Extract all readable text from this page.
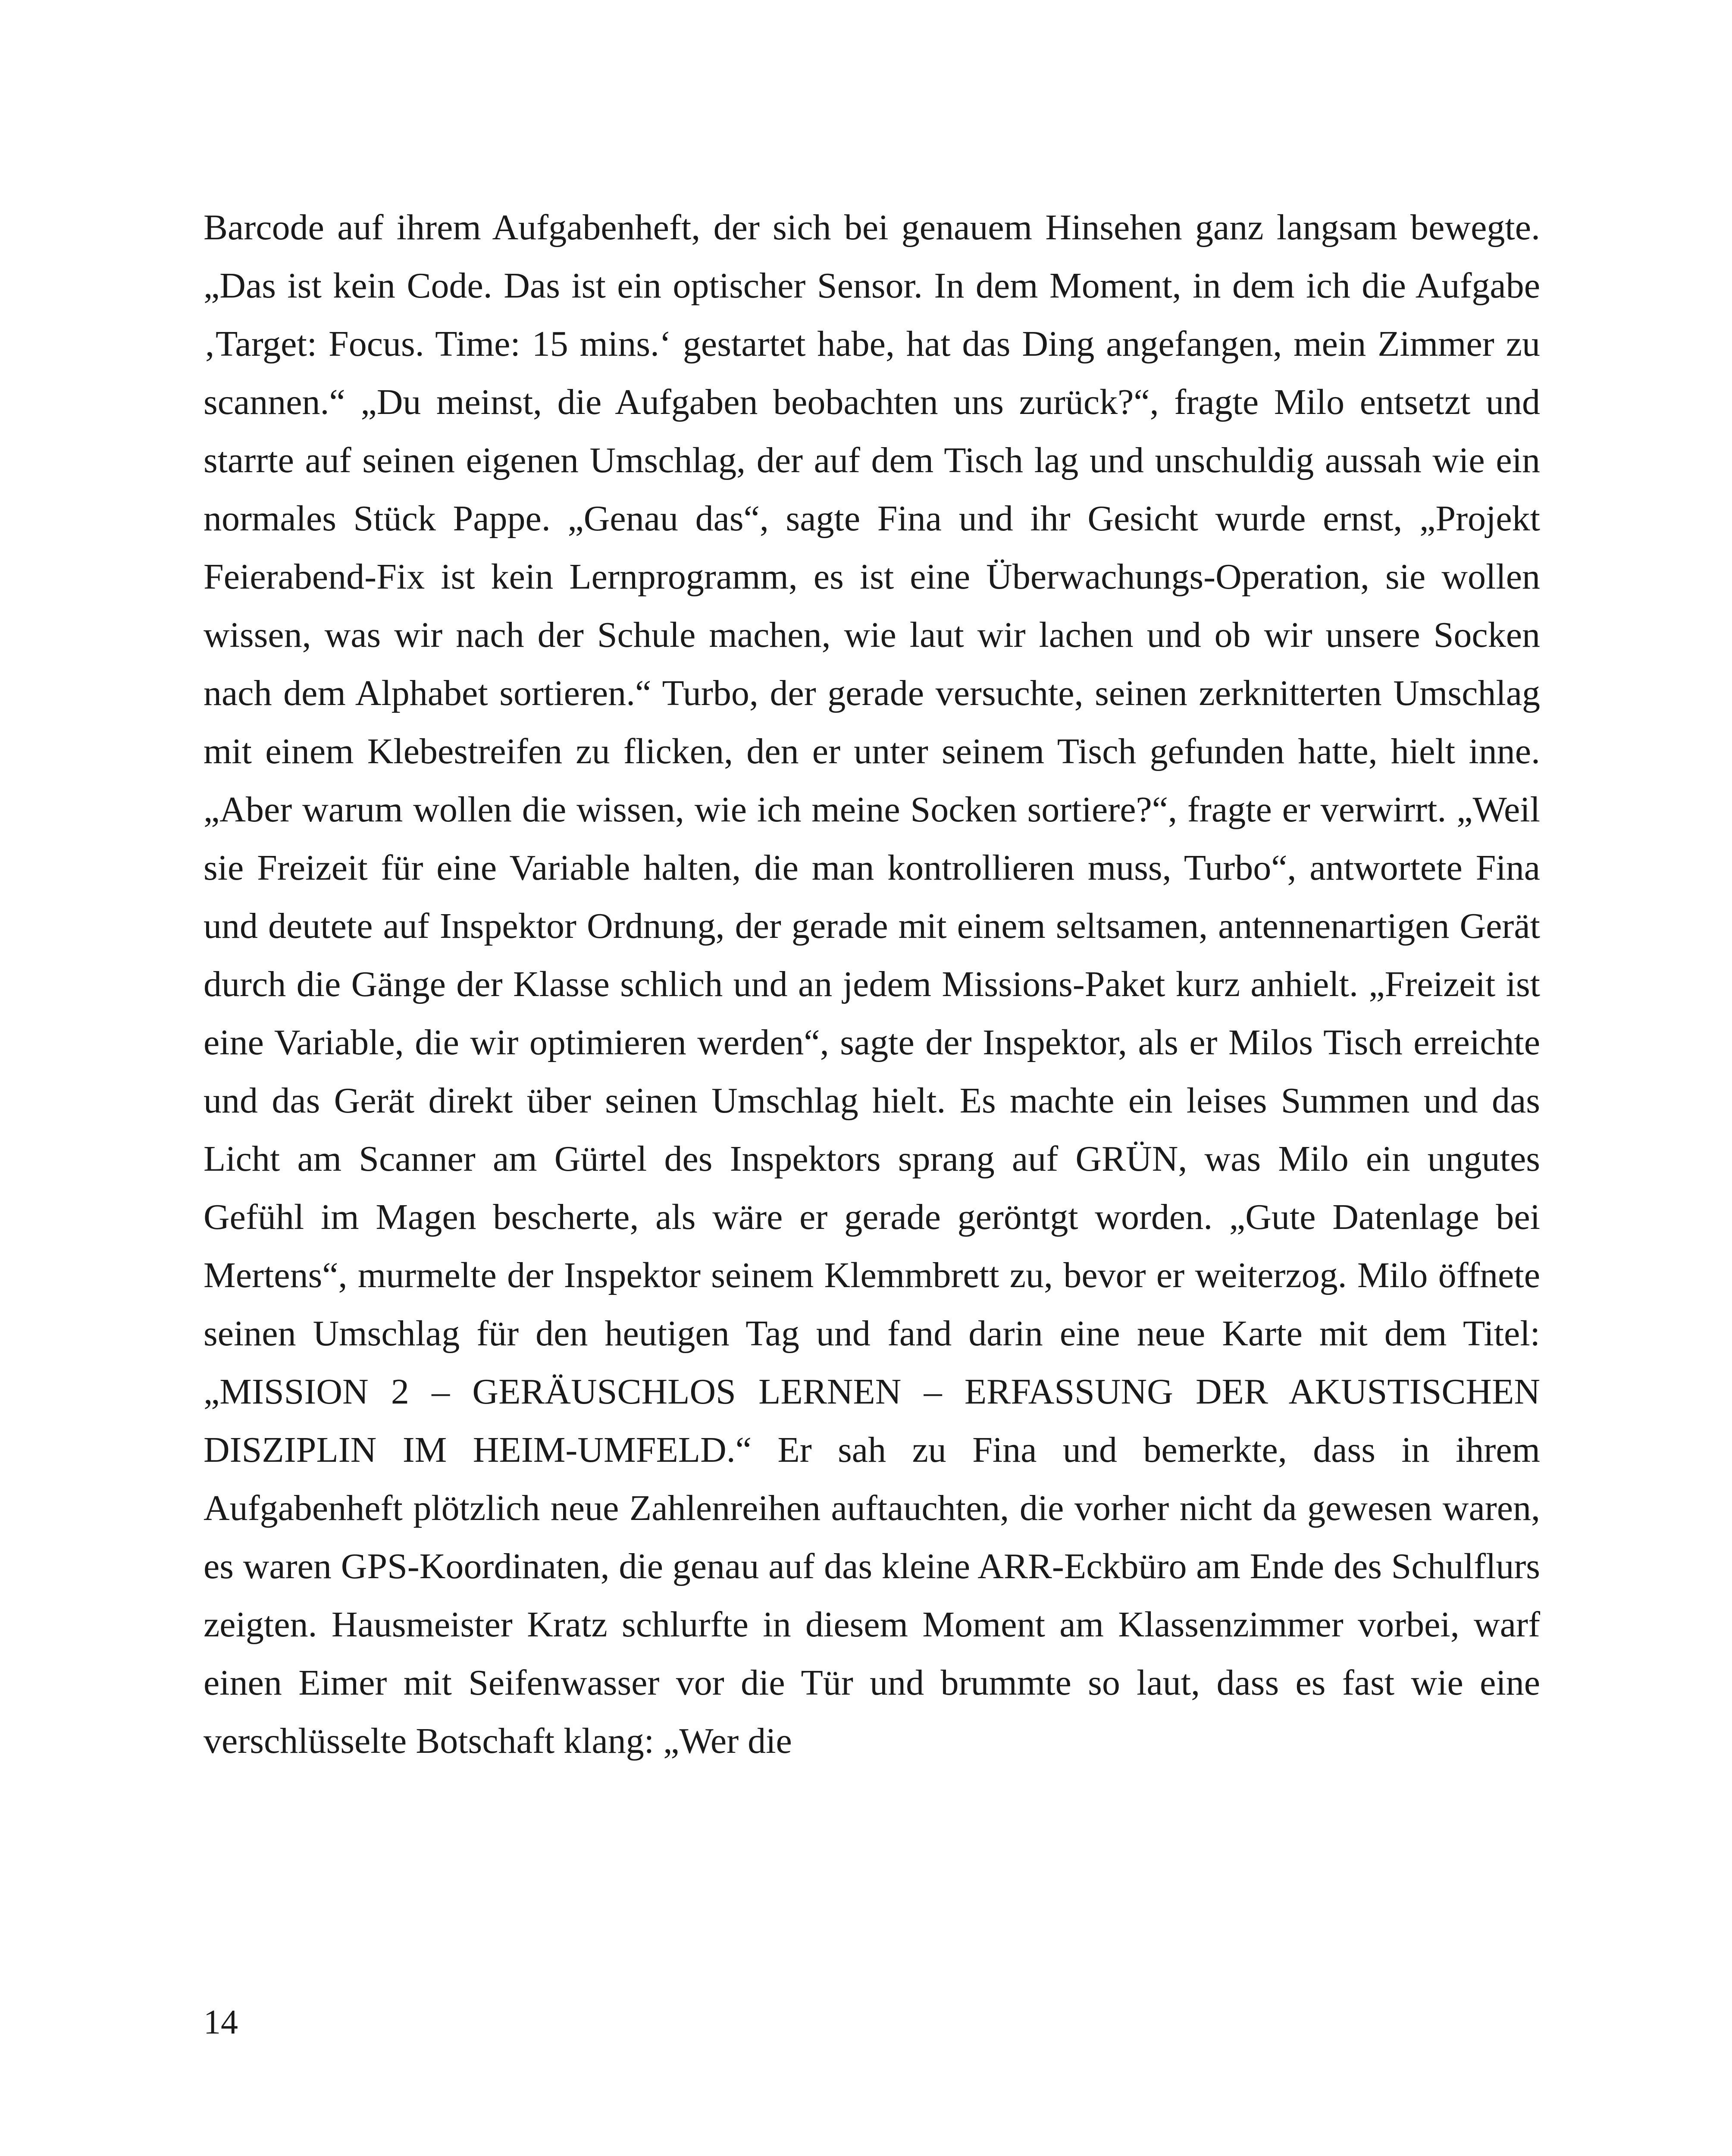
Barcode auf ihrem Aufgabenheft, der sich bei genauem Hinsehen ganz langsam bewegte. „Das ist kein Code. Das ist ein optischer Sensor. In dem Moment, in dem ich die Aufgabe ‚Target: Focus. Time: 15 mins.‘ gestartet habe, hat das Ding angefangen, mein Zimmer zu scannen.“ „Du meinst, die Aufgaben beobachten uns zurück?“, fragte Milo entsetzt und starrte auf seinen eigenen Umschlag, der auf dem Tisch lag und unschuldig aussah wie ein normales Stück Pappe. „Genau das“, sagte Fina und ihr Gesicht wurde ernst, „Projekt Feierabend-Fix ist kein Lernprogramm, es ist eine Überwachungs-Operation, sie wollen wissen, was wir nach der Schule machen, wie laut wir lachen und ob wir unsere Socken nach dem Alphabet sortieren.“ Turbo, der gerade versuchte, seinen zerknitterten Umschlag mit einem Klebestreifen zu flicken, den er unter seinem Tisch gefunden hatte, hielt inne. „Aber warum wollen die wissen, wie ich meine Socken sortiere?“, fragte er verwirrt. „Weil sie Freizeit für eine Variable halten, die man kontrollieren muss, Turbo“, antwortete Fina und deutete auf Inspektor Ordnung, der gerade mit einem seltsamen, antennenartigen Gerät durch die Gänge der Klasse schlich und an jedem Missions-Paket kurz anhielt. „Freizeit ist eine Variable, die wir optimieren werden“, sagte der Inspektor, als er Milos Tisch erreichte und das Gerät direkt über seinen Umschlag hielt. Es machte ein leises Summen und das Licht am Scanner am Gürtel des Inspektors sprang auf GRÜN, was Milo ein ungutes Gefühl im Magen bescherte, als wäre er gerade geröntgt worden. „Gute Datenlage bei Mertens“, murmelte der Inspektor seinem Klemmbrett zu, bevor er weiterzog. Milo öffnete seinen Umschlag für den heutigen Tag und fand darin eine neue Karte mit dem Titel: „MISSION 2 – GERÄUSCHLOS LERNEN – ERFASSUNG DER AKUSTISCHEN DISZIPLIN IM HEIM-UMFELD.“ Er sah zu Fina und bemerkte, dass in ihrem Aufgabenheft plötzlich neue Zahlenreihen auftauchten, die vorher nicht da gewesen waren, es waren GPS-Koordinaten, die genau auf das kleine ARR-Eckbüro am Ende des Schulflurs zeigten. Hausmeister Kratz schlurfte in diesem Moment am Klassenzimmer vorbei, warf einen Eimer mit Seifenwasser vor die Tür und brummte so laut, dass es fast wie eine verschlüsselte Botschaft klang: „Wer die

14
